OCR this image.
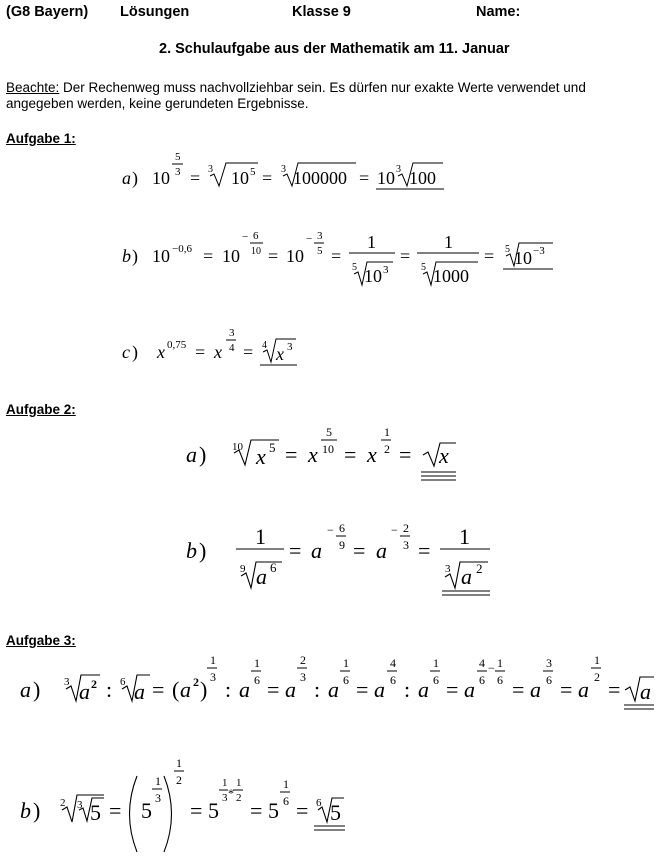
(G8 Bayern) Lösungen	Klasse 9	Name:
2. Schulaufgabe aus der Mathematik am 11. Januar
Beachte: Der Rechenweg muss nachvollziehbar sein. Es dürfen nur exakte Werte verwendet und
angegeben werden, keine gerundeten Ergebnisse.
Aufgabe 1:
Aufgabe 2:
Aufgabe 3:
a ) 10
5
3 = 3 10 5 = 3 100000 = 10 3 100
b ) 10 −0,6 = 10
− 6
10 = 10
− 3
5 =
1
5 10 3
=
1
5 1000
= 5 10 −3
c ) x 0,75 = x
3
4 = 4 x 3
a ) 10 x 5 = x
5
10 = x
1
2 = x
b )
1
9 a 6
= a
− 6
9 = a
− 2
3 =
1
3 a 2
a ) 3 a 2 : 6 a = ( a 2 )
1
3 : a
1
6 = a
2
3 : a
1
6 = a
4
6 : a
1
6 = a
4
6
− 1
6 = a
3
6 = a
1
2 = a
b ) 2 3 5 = 5
1
3
1
2
= 5
1
3 *
1
2 = 5
1
6 = 6 5
